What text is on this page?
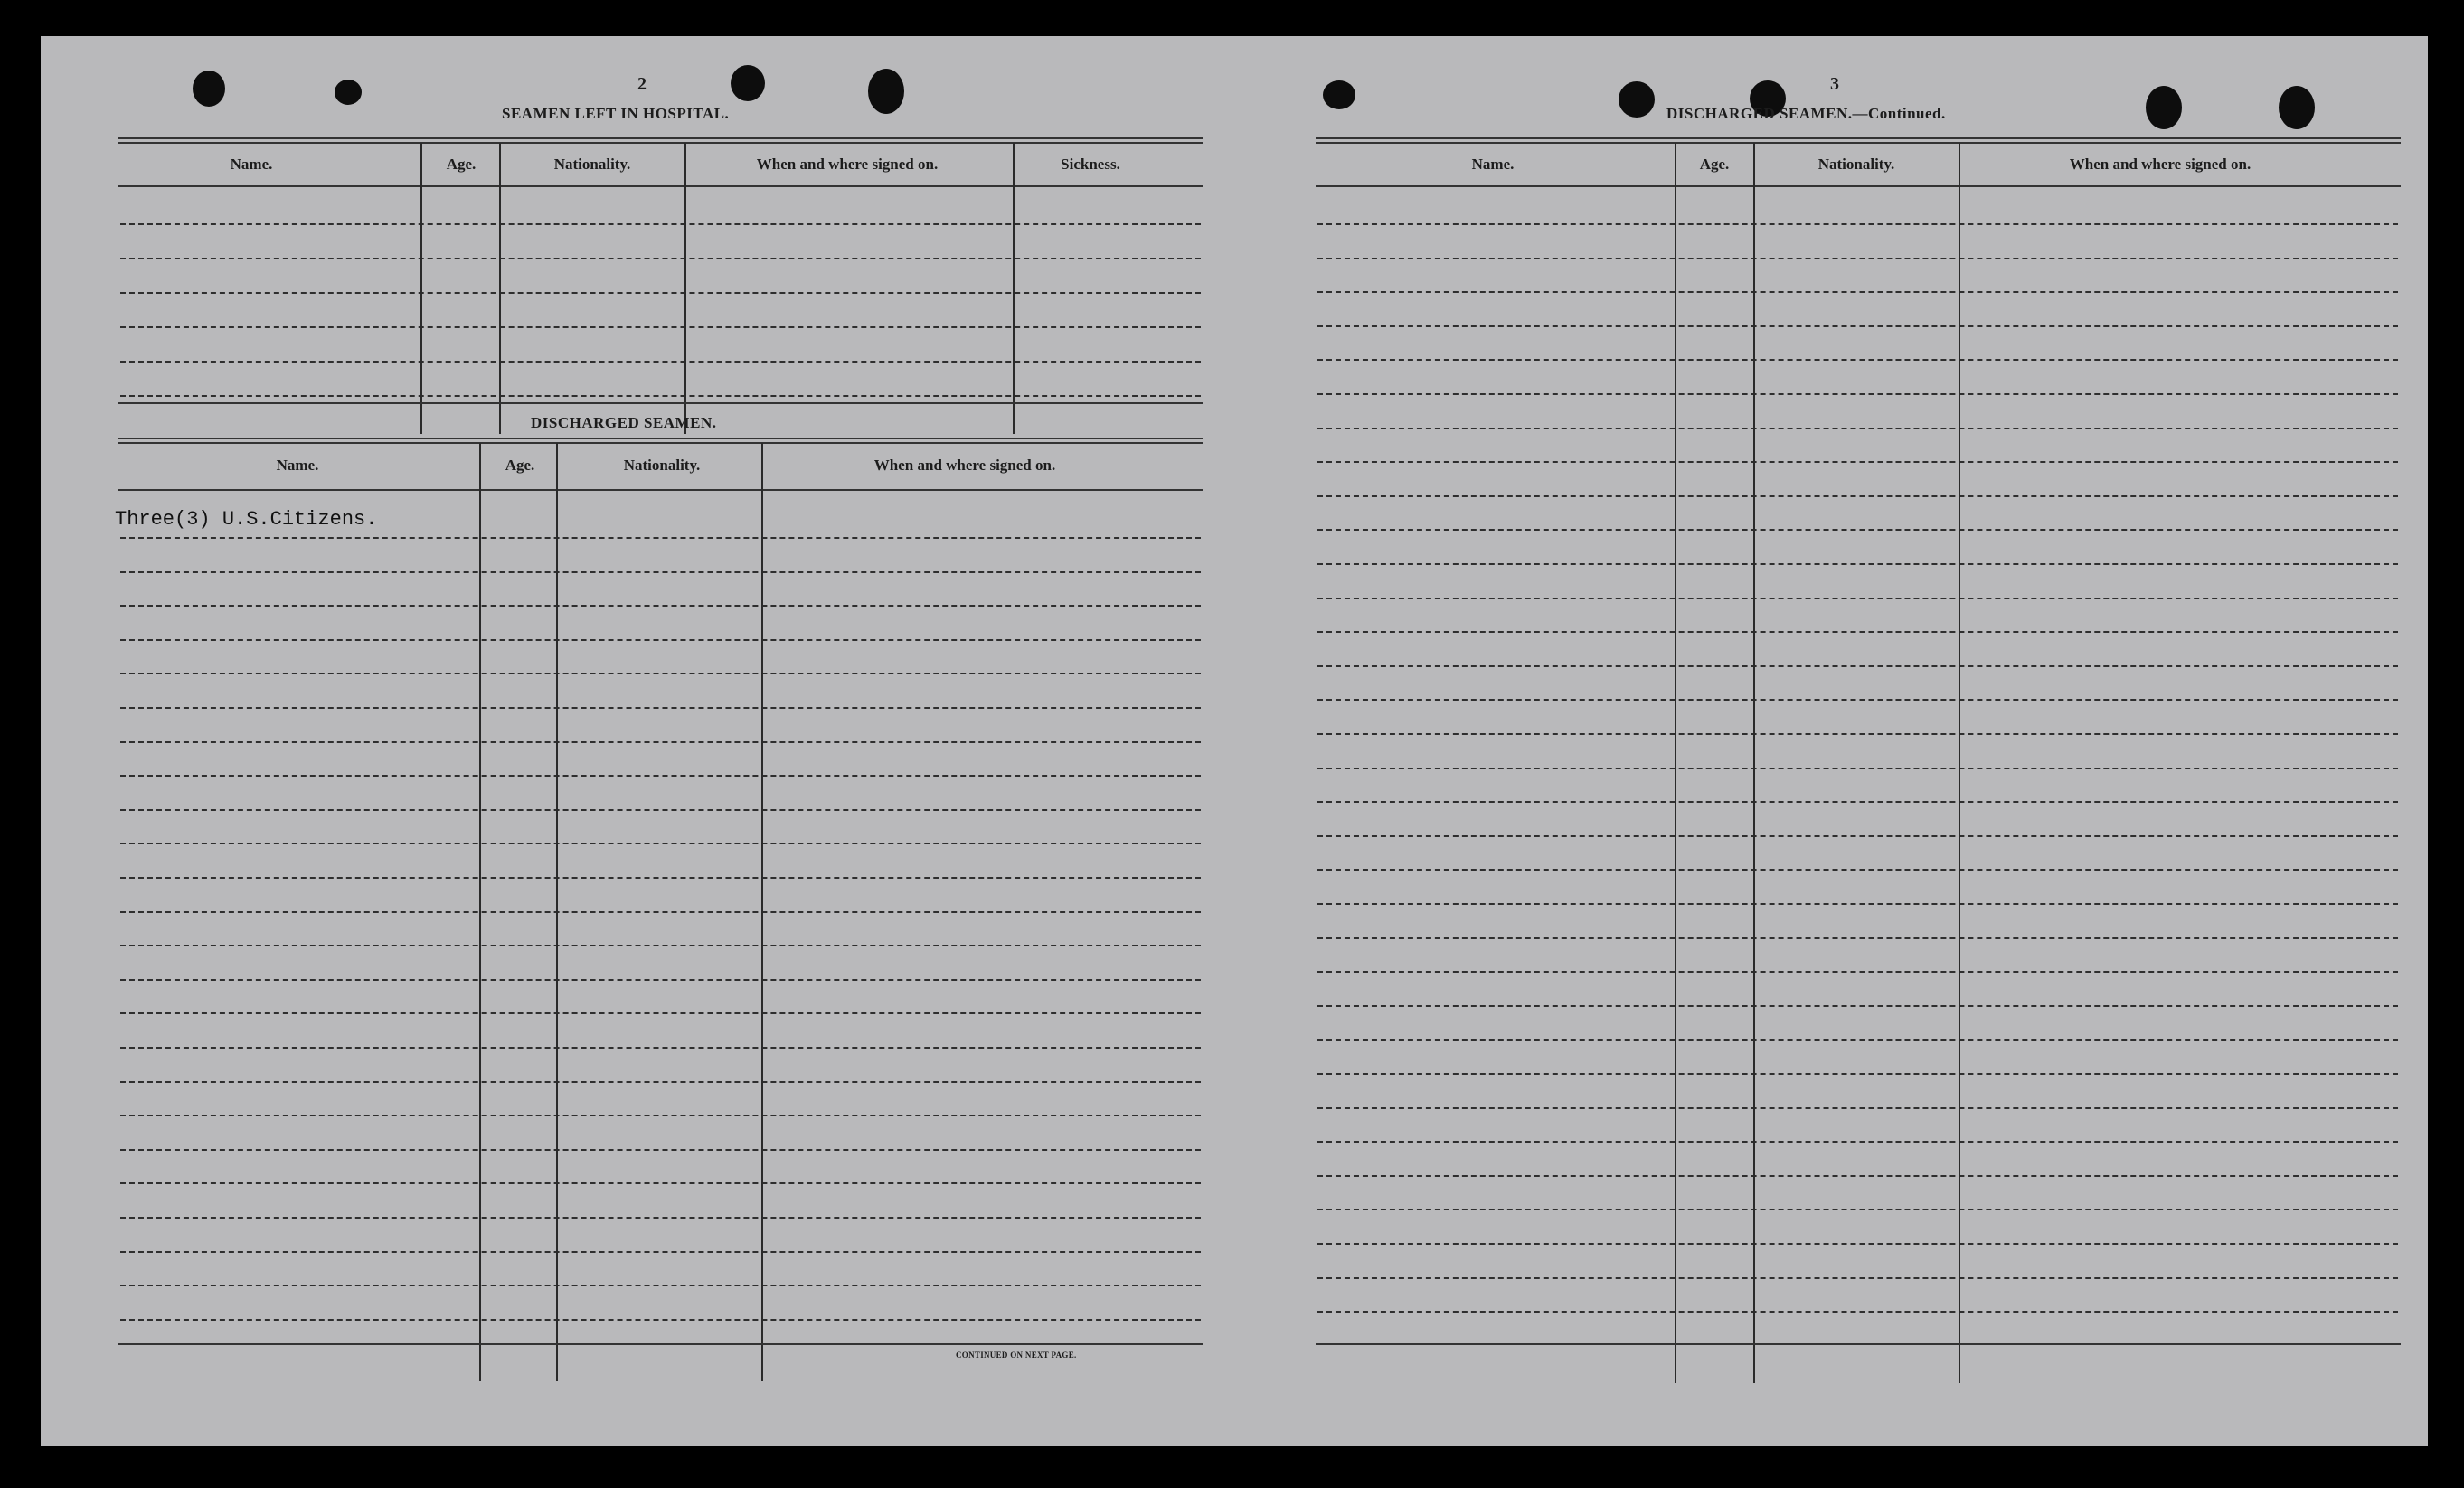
2
SEAMEN LEFT IN HOSPITAL.
Name.	Age.	Nationality.	When and where signed on.	Sickness.
DISCHARGED SEAMEN.
Name.	Age.	Nationality.	When and where signed on.
Three(3) U.S.Citizens.
CONTINUED ON NEXT PAGE.
3
DISCHARGED SEAMEN.—Continued.
Name.	Age.	Nationality.	When and where signed on.
